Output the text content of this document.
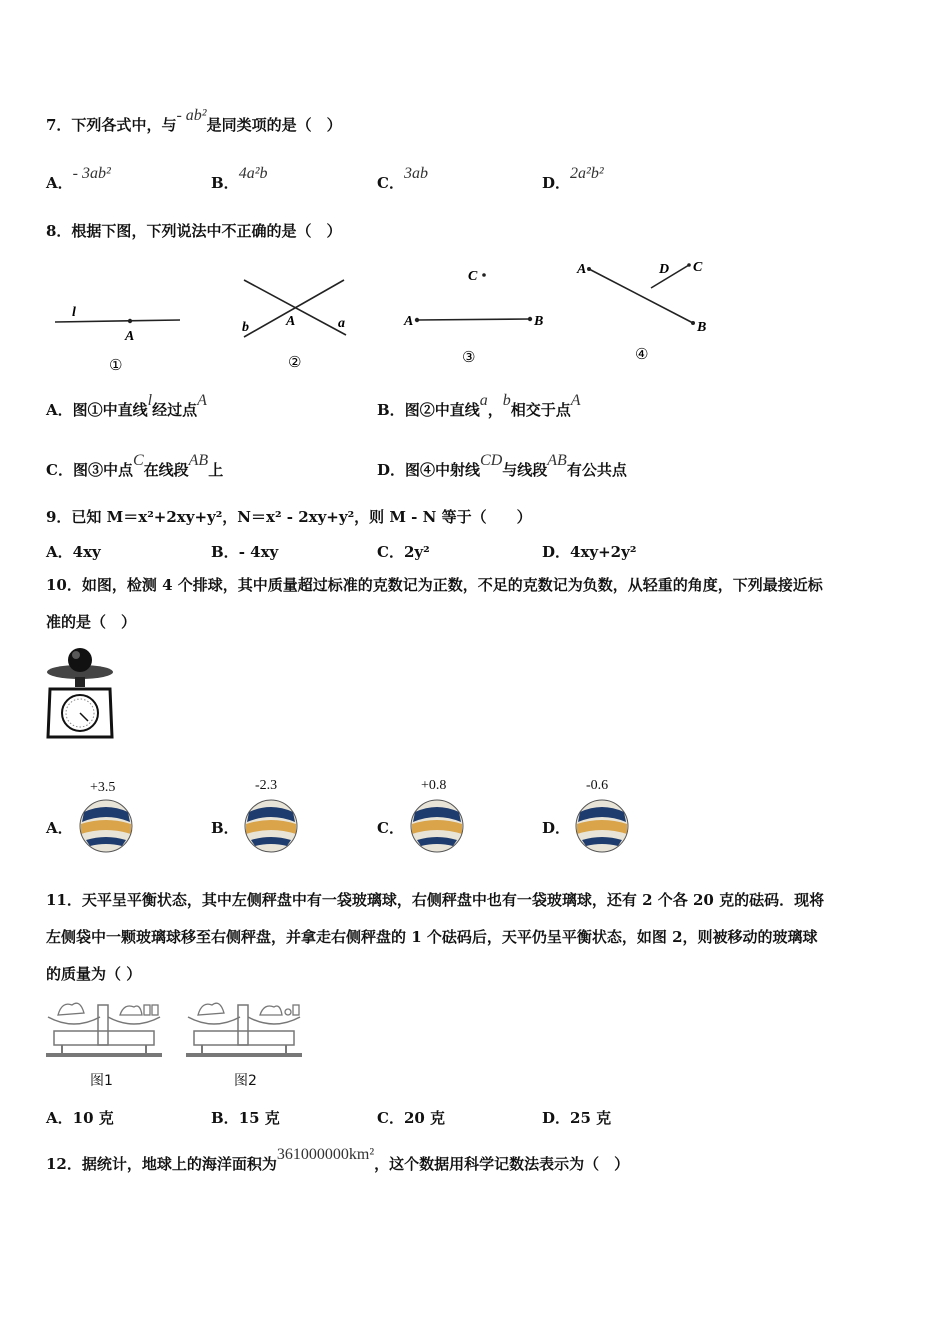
7．下列各式中，与- ab²是同类项的是（　）
A．- 3ab²
B．4a²b
C．3ab
D．2a²b²
8．根据下图，下列说法中不正确的是（　）
l
A
①
b	A	a
②
C
A	B
③
A
B
D C
④
A．图①中直线l经过点A
B．图②中直线a，b相交于点A
C．图③中点C在线段AB上	D．图④中射线CD与线段AB有公共点
9．已知 M＝x²+2xy+y²，N＝x² - 2xy+y²，则 M - N 等于（　　）
A．4xy	B．- 4xy	C．2y²	D．4xy+2y²
10．如图，检测 4 个排球，其中质量超过标准的克数记为正数，不足的克数记为负数，从轻重的角度，下列最接近标
准的是（　）
A．	B．	C．	D．
+3.5	-2.3	+0.8	-0.6
11．天平呈平衡状态，其中左侧秤盘中有一袋玻璃球，右侧秤盘中也有一袋玻璃球，还有 2 个各 20 克的砝码．现将
左侧袋中一颗玻璃球移至右侧秤盘，并拿走右侧秤盘的 1 个砝码后，天平仍呈平衡状态，如图 2，则被移动的玻璃球
的质量为（ ）
图1	图2
A．10 克	B．15 克	C．20 克	D．25 克
12．据统计，地球上的海洋面积为361000000km²，这个数据用科学记数法表示为（　）
